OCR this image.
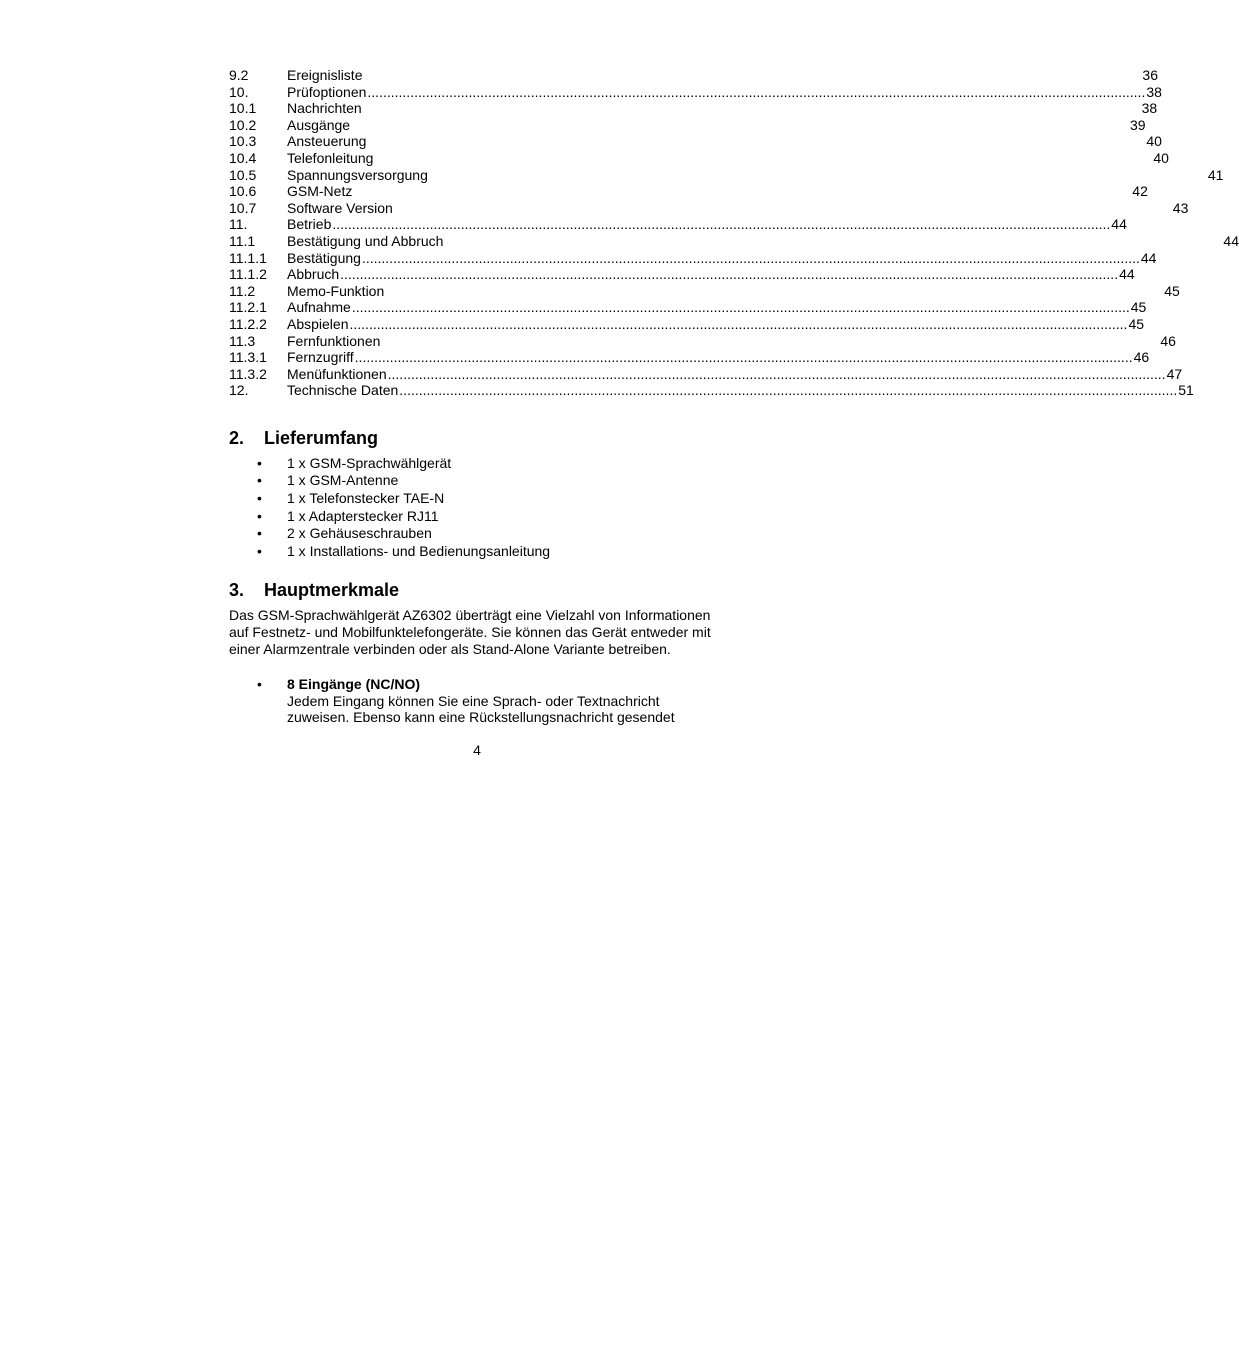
9.2	Ereignisliste	36
10.	Prüfoptionen ........................................................................................................................................................................................................ 38
10.1	Nachrichten	38
10.2	Ausgänge	39
10.3	Ansteuerung	40
10.4	Telefonleitung	40
10.5	Spannungsversorgung	41
10.6	GSM-Netz	42
10.7	Software Version	43
11.	Betrieb ........................................................................................................................................................................................................ 44
11.1	Bestätigung und Abbruch	44
11.1.1	Bestätigung ........................................................................................................................................................................................................ 44
11.1.2	Abbruch ........................................................................................................................................................................................................ 44
11.2	Memo-Funktion	45
11.2.1	Aufnahme ........................................................................................................................................................................................................ 45
11.2.2	Abspielen ........................................................................................................................................................................................................ 45
11.3	Fernfunktionen	46
11.3.1	Fernzugriff ........................................................................................................................................................................................................ 46
11.3.2	Menüfunktionen ........................................................................................................................................................................................................ 47
12.	Technische Daten ........................................................................................................................................................................................................ 51
2.	Lieferumfang
•	1 x GSM-Sprachwählgerät
•	1 x GSM-Antenne
•	1 x Telefonstecker TAE-N
•	1 x Adapterstecker RJ11
•	2 x Gehäuseschrauben
•	1 x Installations- und Bedienungsanleitung
3.	Hauptmerkmale

Das GSM-Sprachwählgerät AZ6302 überträgt eine Vielzahl von Informationen auf Festnetz- und Mobilfunktelefongeräte. Sie können das Gerät entweder mit einer Alarmzentrale verbinden oder als Stand-Alone Variante betreiben.

•	8 Eingänge (NC/NO)
Jedem Eingang können Sie eine Sprach- oder Textnachricht zuweisen. Ebenso kann eine Rückstellungsnachricht gesendet
4
